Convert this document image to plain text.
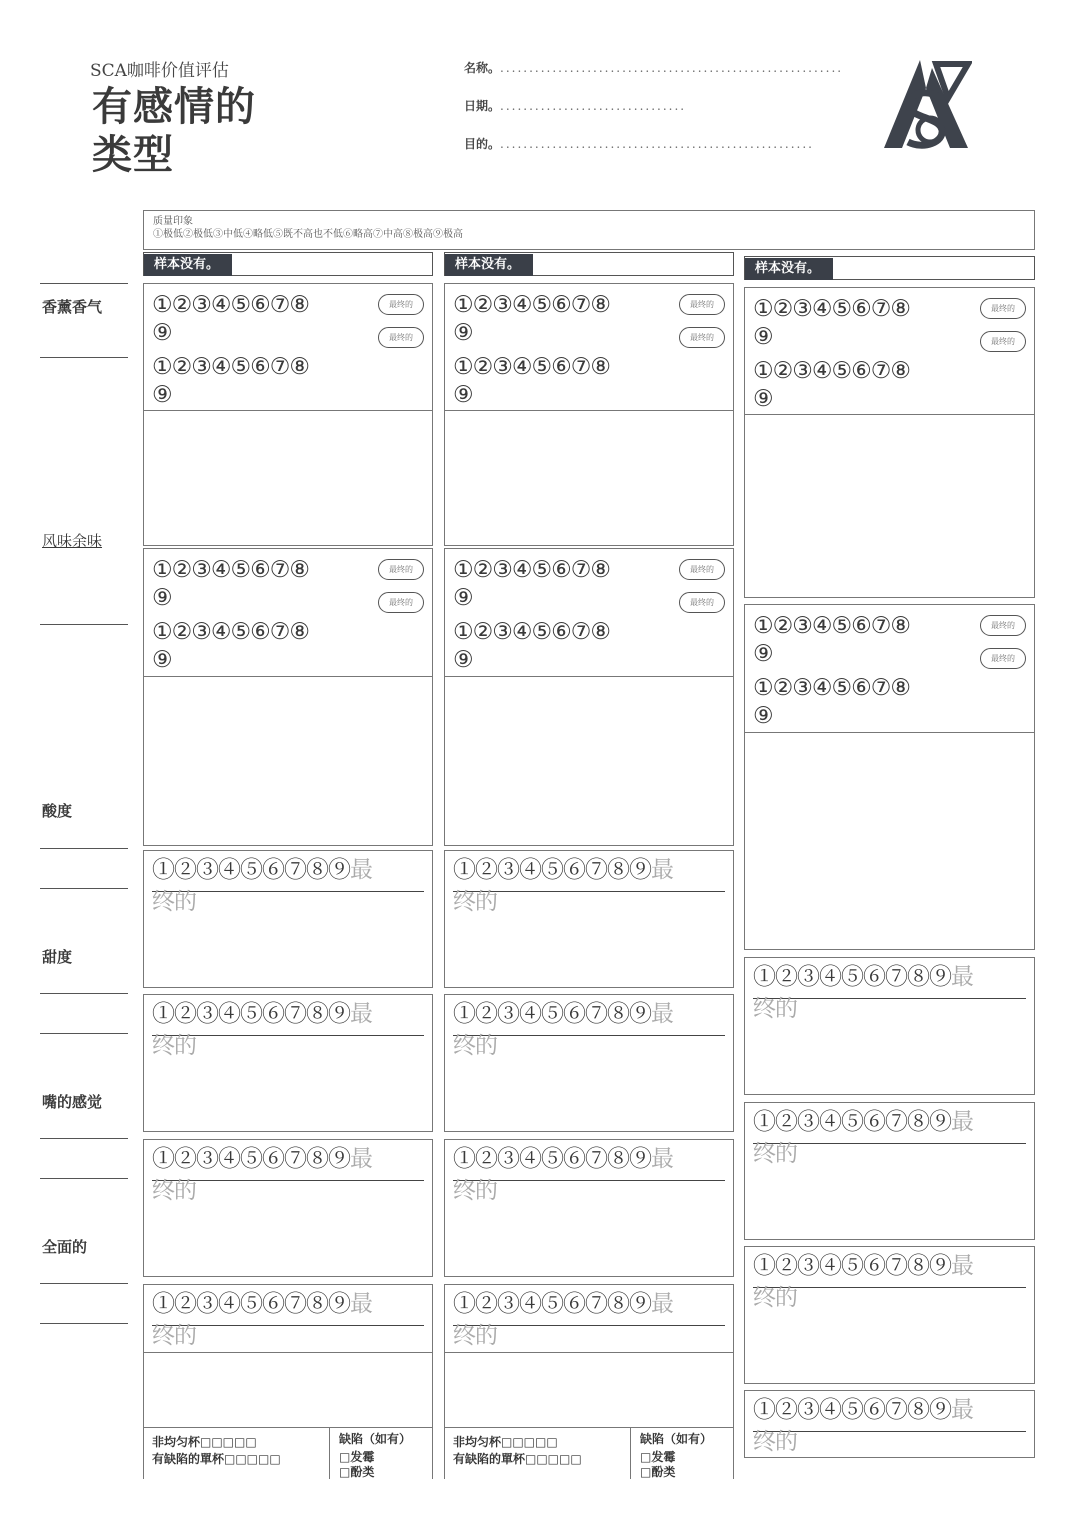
SCA咖啡价值评估
有感情的
类型
名称。...........................................................
日期。................................
目的。......................................................
质量印象
①极低②极低③中低④略低⑤既不高也不低⑥略高⑦中高⑧极高⑨极高
香薰香气
风味余味
酸度
甜度
嘴的感觉
全面的
样本没有。
①②③④⑤⑥⑦⑧
⑨
①②③④⑤⑥⑦⑧
⑨
最终的
最终的
①②③④⑤⑥⑦⑧
⑨
①②③④⑤⑥⑦⑧
⑨
最终的
最终的
①②③④⑤⑥⑦⑧⑨最
终的
①②③④⑤⑥⑦⑧⑨最
终的
①②③④⑤⑥⑦⑧⑨最
终的
①②③④⑤⑥⑦⑧⑨最
终的
非均匀杯□□□□□
有缺陷的單杯□□□□□
缺陷（如有）
□发霉
□酚类
样本没有。
①②③④⑤⑥⑦⑧
⑨
①②③④⑤⑥⑦⑧
⑨
最终的
最终的
①②③④⑤⑥⑦⑧
⑨
①②③④⑤⑥⑦⑧
⑨
最终的
最终的
①②③④⑤⑥⑦⑧⑨最
终的
①②③④⑤⑥⑦⑧⑨最
终的
①②③④⑤⑥⑦⑧⑨最
终的
①②③④⑤⑥⑦⑧⑨最
终的
非均匀杯□□□□□
有缺陷的單杯□□□□□
缺陷（如有）
□发霉
□酚类
样本没有。
①②③④⑤⑥⑦⑧
⑨
①②③④⑤⑥⑦⑧
⑨
最终的
最终的
①②③④⑤⑥⑦⑧
⑨
①②③④⑤⑥⑦⑧
⑨
最终的
最终的
①②③④⑤⑥⑦⑧⑨最
终的
①②③④⑤⑥⑦⑧⑨最
终的
①②③④⑤⑥⑦⑧⑨最
终的
①②③④⑤⑥⑦⑧⑨最
终的
